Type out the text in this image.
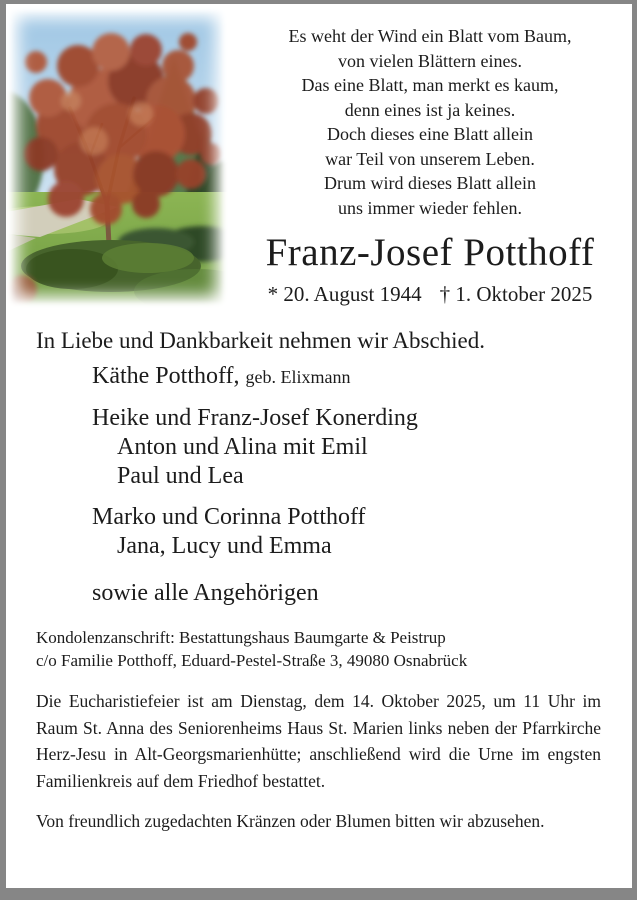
Es weht der Wind ein Blatt vom Baum,
von vielen Blättern eines.
Das eine Blatt, man merkt es kaum,
denn eines ist ja keines.
Doch dieses eine Blatt allein
war Teil von unserem Leben.
Drum wird dieses Blatt allein
uns immer wieder fehlen.
Franz-Josef Potthoff
* 20. August 1944 † 1. Oktober 2025

In Liebe und Dankbarkeit nehmen wir Abschied.

Käthe Potthoff, geb. Elixmann
Heike und Franz-Josef Konerding
Anton und Alina mit Emil
Paul und Lea
Marko und Corinna Potthoff
Jana, Lucy und Emma
sowie alle Angehörigen

Kondolenzanschrift: Bestattungshaus Baumgarte & Peistrup
c/o Familie Potthoff, Eduard-Pestel-Straße 3, 49080 Osnabrück

Die Eucharistiefeier ist am Dienstag, dem 14. Oktober 2025, um 11 Uhr im Raum St. Anna des Seniorenheims Haus St. Marien links neben der Pfarrkirche Herz-Jesu in Alt-Georgsmarienhütte; anschließend wird die Urne im engsten Familienkreis auf dem Friedhof bestattet.

Von freundlich zugedachten Kränzen oder Blumen bitten wir abzusehen.
